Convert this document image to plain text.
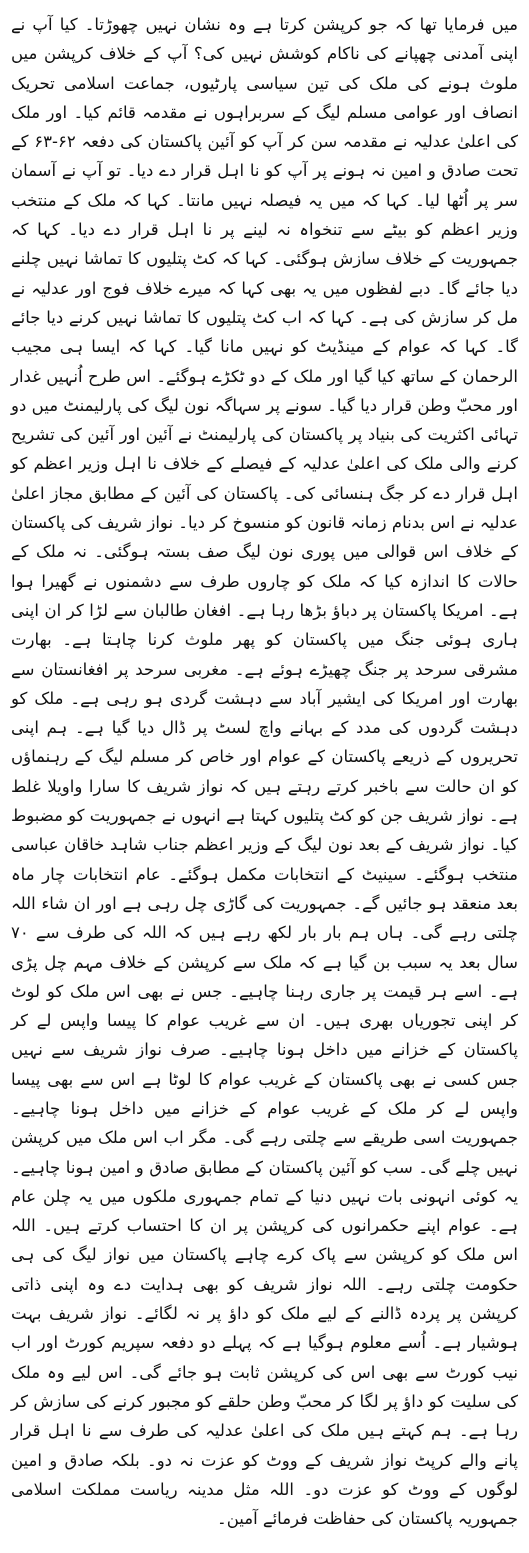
میں فرمایا تھا کہ جو کرپشن کرتا ہے وہ نشان نہیں چھوڑتا۔ کیا آپ نے اپنی آمدنی چھپانے کی ناکام کوشش نہیں کی؟ آپ کے خلاف کرپشن میں ملوث ہونے کی ملک کی تین سیاسی پارٹیوں، جماعت اسلامی تحریک انصاف اور عوامی مسلم لیگ کے سربراہوں نے مقدمہ قائم کیا۔ اور ملک کی اعلیٰ عدلیہ نے مقدمہ سن کر آپ کو آئین پاکستان کی دفعہ ۶۲-۶۳ کے تحت صادق و امین نہ ہونے پر آپ کو نا اہل قرار دے دیا۔ تو آپ نے آسمان سر پر اُٹھا لیا۔ کہا کہ میں یہ فیصلہ نہیں مانتا۔ کہا کہ ملک کے منتخب وزیر اعظم کو بیٹے سے تنخواہ نہ لینے پر نا اہل قرار دے دیا۔ کہا کہ جمہوریت کے خلاف سازش ہوگئی۔ کہا کہ کٹ پتلیوں کا تماشا نہیں چلنے دیا جائے گا۔ دبے لفظوں میں یہ بھی کہا کہ میرے خلاف فوج اور عدلیہ نے مل کر سازش کی ہے۔ کہا کہ اب کٹ پتلیوں کا تماشا نہیں کرنے دیا جائے گا۔ کہا کہ عوام کے مینڈیٹ کو نہیں مانا گیا۔ کہا کہ ایسا ہی مجیب الرحمان کے ساتھ کیا گیا اور ملک کے دو ٹکڑے ہوگئے۔ اس طرح اُنہیں غدار اور محبّ وطن قرار دیا گیا۔ سونے پر سہاگہ نون لیگ کی پارلیمنٹ میں دو تہائی اکثریت کی بنیاد پر پاکستان کی پارلیمنٹ نے آئین اور آئین کی تشریح کرنے والی ملک کی اعلیٰ عدلیہ کے فیصلے کے خلاف نا اہل وزیر اعظم کو اہل قرار دے کر جگ ہنسائی کی۔ پاکستان کی آئین کے مطابق مجاز اعلیٰ عدلیہ نے اس بدنام زمانہ قانون کو منسوخ کر دیا۔ نواز شریف کی پاکستان کے خلاف اس قوالی میں پوری نون لیگ صف بستہ ہوگئی۔ نہ ملک کے حالات کا اندازہ کیا کہ ملک کو چاروں طرف سے دشمنوں نے گھیرا ہوا ہے۔ امریکا پاکستان پر دباؤ بڑھا رہا ہے۔ افغان طالبان سے لڑا کر ان اپنی ہاری ہوئی جنگ میں پاکستان کو پھر ملوث کرنا چاہتا ہے۔ بھارت مشرقی سرحد پر جنگ چھیڑے ہوئے ہے۔ مغربی سرحد پر افغانستان سے بھارت اور امریکا کی ایشیر آباد سے دہشت گردی ہو رہی ہے۔ ملک کو دہشت گردوں کی مدد کے بہانے واچ لسٹ پر ڈال دیا گیا ہے۔ ہم اپنی تحریروں کے ذریعے پاکستان کے عوام اور خاص کر مسلم لیگ کے رہنماؤں کو ان حالت سے باخبر کرتے رہتے ہیں کہ نواز شریف کا سارا واویلا غلط ہے۔ نواز شریف جن کو کٹ پتلیوں کہتا ہے انہوں نے جمہوریت کو مضبوط کیا۔ نواز شریف کے بعد نون لیگ کے وزیر اعظم جناب شاہد خاقان عباسی منتخب ہوگئے۔ سینیٹ کے انتخابات مکمل ہوگئے۔ عام انتخابات چار ماہ بعد منعقد ہو جائیں گے۔ جمہوریت کی گاڑی چل رہی ہے اور ان شاء اللہ چلتی رہے گی۔ ہاں ہم بار بار لکھ رہے ہیں کہ اللہ کی طرف سے ۷۰ سال بعد یہ سبب بن گیا ہے کہ ملک سے کرپشن کے خلاف مہم چل پڑی ہے۔ اسے ہر قیمت پر جاری رہنا چاہیے۔ جس نے بھی اس ملک کو لوٹ کر اپنی تجوریاں بھری ہیں۔ ان سے غریب عوام کا پیسا واپس لے کر پاکستان کے خزانے میں داخل ہونا چاہیے۔ صرف نواز شریف سے نہیں جس کسی نے بھی پاکستان کے غریب عوام کا لوٹا ہے اس سے بھی پیسا واپس لے کر ملک کے غریب عوام کے خزانے میں داخل ہونا چاہیے۔ جمہوریت اسی طریقے سے چلتی رہے گی۔ مگر اب اس ملک میں کرپشن نہیں چلے گی۔ سب کو آئین پاکستان کے مطابق صادق و امین ہونا چاہیے۔ یہ کوئی انہونی بات نہیں دنیا کے تمام جمہوری ملکوں میں یہ چلن عام ہے۔ عوام اپنے حکمرانوں کی کرپشن پر ان کا احتساب کرتے ہیں۔ اللہ اس ملک کو کرپشن سے پاک کرے چاہے پاکستان میں نواز لیگ کی ہی حکومت چلتی رہے۔ اللہ نواز شریف کو بھی ہدایت دے وہ اپنی ذاتی کرپشن پر پردہ ڈالنے کے لیے ملک کو داؤ پر نہ لگائے۔ نواز شریف بہت ہوشیار ہے۔ اُسے معلوم ہوگیا ہے کہ پہلے دو دفعہ سپریم کورٹ اور اب نیب کورٹ سے بھی اس کی کرپشن ثابت ہو جائے گی۔ اس لیے وہ ملک کی سلیت کو داؤ پر لگا کر محبّ وطن حلقے کو مجبور کرنے کی سازش کر رہا ہے۔ ہم کہتے ہیں ملک کی اعلیٰ عدلیہ کی طرف سے نا اہل قرار پانے والے کرپٹ نواز شریف کے ووٹ کو عزت نہ دو۔ بلکہ صادق و امین لوگوں کے ووٹ کو عزت دو۔ اللہ مثل مدینہ ریاست مملکت اسلامی جمہوریہ پاکستان کی حفاظت فرمائے آمین۔
